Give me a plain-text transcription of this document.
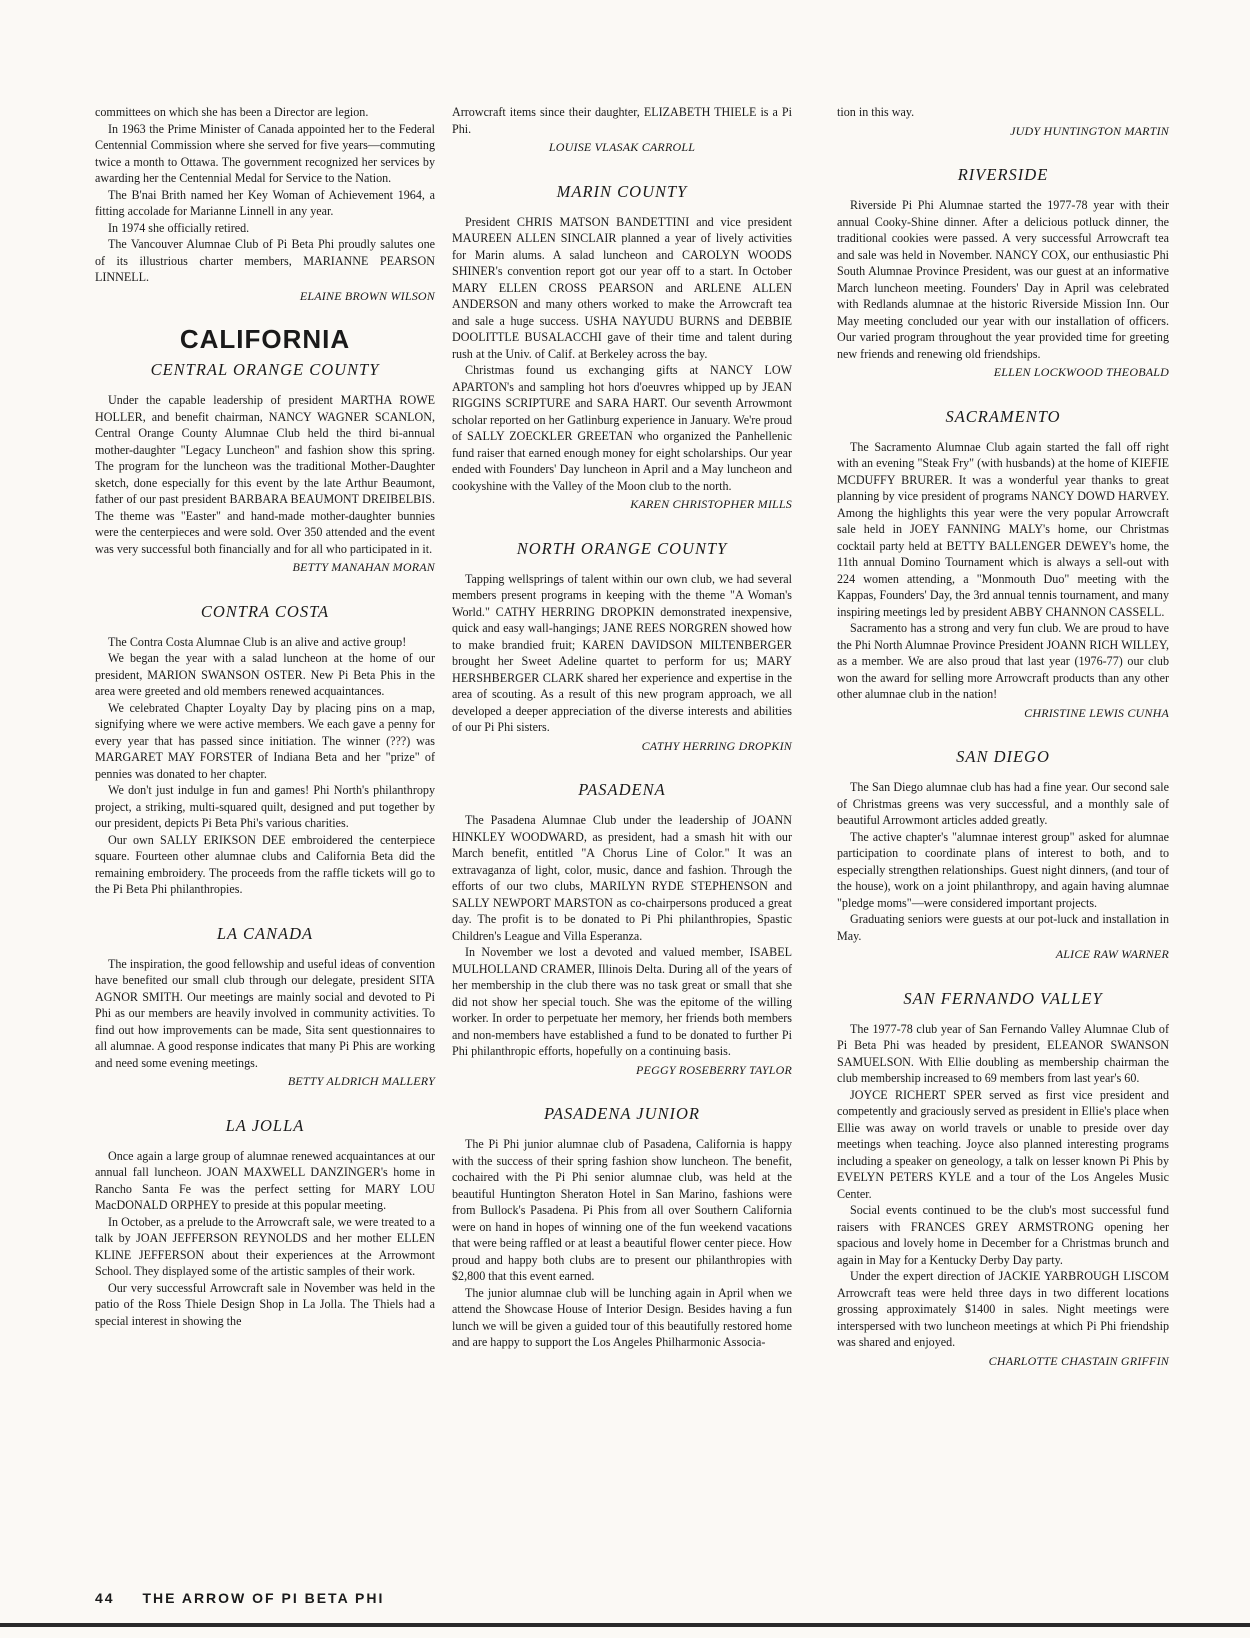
committees on which she has been a Director are legion.

In 1963 the Prime Minister of Canada appointed her to the Federal Centennial Commission where she served for five years—commuting twice a month to Ottawa. The government recognized her services by awarding her the Centennial Medal for Service to the Nation.

The B'nai Brith named her Key Woman of Achievement 1964, a fitting accolade for Marianne Linnell in any year.

In 1974 she officially retired.

The Vancouver Alumnae Club of Pi Beta Phi proudly salutes one of its illustrious charter members, MARIANNE PEARSON LINNELL.

ELAINE BROWN WILSON
CALIFORNIA
CENTRAL ORANGE COUNTY

Under the capable leadership of president MARTHA ROWE HOLLER, and benefit chairman, NANCY WAGNER SCANLON, Central Orange County Alumnae Club held the third bi-annual mother-daughter "Legacy Luncheon" and fashion show this spring. The program for the luncheon was the traditional Mother-Daughter sketch, done especially for this event by the late Arthur Beaumont, father of our past president BARBARA BEAUMONT DREIBELBIS. The theme was "Easter" and hand-made mother-daughter bunnies were the centerpieces and were sold. Over 350 attended and the event was very successful both financially and for all who participated in it.

BETTY MANAHAN MORAN
CONTRA COSTA

The Contra Costa Alumnae Club is an alive and active group!

We began the year with a salad luncheon at the home of our president, MARION SWANSON OSTER. New Pi Beta Phis in the area were greeted and old members renewed acquaintances.

We celebrated Chapter Loyalty Day by placing pins on a map, signifying where we were active members. We each gave a penny for every year that has passed since initiation. The winner (???) was MARGARET MAY FORSTER of Indiana Beta and her "prize" of pennies was donated to her chapter.

We don't just indulge in fun and games! Phi North's philanthropy project, a striking, multi-squared quilt, designed and put together by our president, depicts Pi Beta Phi's various charities.

Our own SALLY ERIKSON DEE embroidered the centerpiece square. Fourteen other alumnae clubs and California Beta did the remaining embroidery. The proceeds from the raffle tickets will go to the Pi Beta Phi philanthropies.

LA CANADA

The inspiration, the good fellowship and useful ideas of convention have benefited our small club through our delegate, president SITA AGNOR SMITH. Our meetings are mainly social and devoted to Pi Phi as our members are heavily involved in community activities. To find out how improvements can be made, Sita sent questionnaires to all alumnae. A good response indicates that many Pi Phis are working and need some evening meetings.

BETTY ALDRICH MALLERY
LA JOLLA

Once again a large group of alumnae renewed acquaintances at our annual fall luncheon. JOAN MAXWELL DANZINGER's home in Rancho Santa Fe was the perfect setting for MARY LOU MacDONALD ORPHEY to preside at this popular meeting.

In October, as a prelude to the Arrowcraft sale, we were treated to a talk by JOAN JEFFERSON REYNOLDS and her mother ELLEN KLINE JEFFERSON about their experiences at the Arrowmont School. They displayed some of the artistic samples of their work.

Our very successful Arrowcraft sale in November was held in the patio of the Ross Thiele Design Shop in La Jolla. The Thiels had a special interest in showing the

Arrowcraft items since their daughter, ELIZABETH THIELE is a Pi Phi.

LOUISE VLASAK CARROLL
MARIN COUNTY

President CHRIS MATSON BANDETTINI and vice president MAUREEN ALLEN SINCLAIR planned a year of lively activities for Marin alums. A salad luncheon and CAROLYN WOODS SHINER's convention report got our year off to a start. In October MARY ELLEN CROSS PEARSON and ARLENE ALLEN ANDERSON and many others worked to make the Arrowcraft tea and sale a huge success. USHA NAYUDU BURNS and DEBBIE DOOLITTLE BUSALACCHI gave of their time and talent during rush at the Univ. of Calif. at Berkeley across the bay.

Christmas found us exchanging gifts at NANCY LOW APARTON's and sampling hot hors d'oeuvres whipped up by JEAN RIGGINS SCRIPTURE and SARA HART. Our seventh Arrowmont scholar reported on her Gatlinburg experience in January. We're proud of SALLY ZOECKLER GREETAN who organized the Panhellenic fund raiser that earned enough money for eight scholarships. Our year ended with Founders' Day luncheon in April and a May luncheon and cookyshine with the Valley of the Moon club to the north.

KAREN CHRISTOPHER MILLS
NORTH ORANGE COUNTY

Tapping wellsprings of talent within our own club, we had several members present programs in keeping with the theme "A Woman's World." CATHY HERRING DROPKIN demonstrated inexpensive, quick and easy wall-hangings; JANE REES NORGREN showed how to make brandied fruit; KAREN DAVIDSON MILTENBERGER brought her Sweet Adeline quartet to perform for us; MARY HERSHBERGER CLARK shared her experience and expertise in the area of scouting. As a result of this new program approach, we all developed a deeper appreciation of the diverse interests and abilities of our Pi Phi sisters.

CATHY HERRING DROPKIN
PASADENA

The Pasadena Alumnae Club under the leadership of JOANN HINKLEY WOODWARD, as president, had a smash hit with our March benefit, entitled "A Chorus Line of Color." It was an extravaganza of light, color, music, dance and fashion. Through the efforts of our two clubs, MARILYN RYDE STEPHENSON and SALLY NEWPORT MARSTON as co-chairpersons produced a great day. The profit is to be donated to Pi Phi philanthropies, Spastic Children's League and Villa Esperanza.

In November we lost a devoted and valued member, ISABEL MULHOLLAND CRAMER, Illinois Delta. During all of the years of her membership in the club there was no task great or small that she did not show her special touch. She was the epitome of the willing worker. In order to perpetuate her memory, her friends both members and non-members have established a fund to be donated to further Pi Phi philanthropic efforts, hopefully on a continuing basis.

PEGGY ROSEBERRY TAYLOR
PASADENA JUNIOR

The Pi Phi junior alumnae club of Pasadena, California is happy with the success of their spring fashion show luncheon. The benefit, cochaired with the Pi Phi senior alumnae club, was held at the beautiful Huntington Sheraton Hotel in San Marino, fashions were from Bullock's Pasadena. Pi Phis from all over Southern California were on hand in hopes of winning one of the fun weekend vacations that were being raffled or at least a beautiful flower center piece. How proud and happy both clubs are to present our philanthropies with $2,800 that this event earned.

The junior alumnae club will be lunching again in April when we attend the Showcase House of Interior Design. Besides having a fun lunch we will be given a guided tour of this beautifully restored home and are happy to support the Los Angeles Philharmonic Associa-

tion in this way.

JUDY HUNTINGTON MARTIN
RIVERSIDE

Riverside Pi Phi Alumnae started the 1977-78 year with their annual Cooky-Shine dinner. After a delicious potluck dinner, the traditional cookies were passed. A very successful Arrowcraft tea and sale was held in November. NANCY COX, our enthusiastic Phi South Alumnae Province President, was our guest at an informative March luncheon meeting. Founders' Day in April was celebrated with Redlands alumnae at the historic Riverside Mission Inn. Our May meeting concluded our year with our installation of officers. Our varied program throughout the year provided time for greeting new friends and renewing old friendships.

ELLEN LOCKWOOD THEOBALD
SACRAMENTO

The Sacramento Alumnae Club again started the fall off right with an evening "Steak Fry" (with husbands) at the home of KIEFIE MCDUFFY BRURER. It was a wonderful year thanks to great planning by vice president of programs NANCY DOWD HARVEY. Among the highlights this year were the very popular Arrowcraft sale held in JOEY FANNING MALY's home, our Christmas cocktail party held at BETTY BALLENGER DEWEY's home, the 11th annual Domino Tournament which is always a sell-out with 224 women attending, a "Monmouth Duo" meeting with the Kappas, Founders' Day, the 3rd annual tennis tournament, and many inspiring meetings led by president ABBY CHANNON CASSELL.

Sacramento has a strong and very fun club. We are proud to have the Phi North Alumnae Province President JOANN RICH WILLEY, as a member. We are also proud that last year (1976-77) our club won the award for selling more Arrowcraft products than any other other alumnae club in the nation!

CHRISTINE LEWIS CUNHA
SAN DIEGO

The San Diego alumnae club has had a fine year. Our second sale of Christmas greens was very successful, and a monthly sale of beautiful Arrowmont articles added greatly.

The active chapter's "alumnae interest group" asked for alumnae participation to coordinate plans of interest to both, and to especially strengthen relationships. Guest night dinners, (and tour of the house), work on a joint philanthropy, and again having alumnae "pledge moms"—were considered important projects.

Graduating seniors were guests at our pot-luck and installation in May.

ALICE RAW WARNER
SAN FERNANDO VALLEY

The 1977-78 club year of San Fernando Valley Alumnae Club of Pi Beta Phi was headed by president, ELEANOR SWANSON SAMUELSON. With Ellie doubling as membership chairman the club membership increased to 69 members from last year's 60.

JOYCE RICHERT SPER served as first vice president and competently and graciously served as president in Ellie's place when Ellie was away on world travels or unable to preside over day meetings when teaching. Joyce also planned interesting programs including a speaker on geneology, a talk on lesser known Pi Phis by EVELYN PETERS KYLE and a tour of the Los Angeles Music Center.

Social events continued to be the club's most successful fund raisers with FRANCES GREY ARMSTRONG opening her spacious and lovely home in December for a Christmas brunch and again in May for a Kentucky Derby Day party.

Under the expert direction of JACKIE YARBROUGH LISCOM Arrowcraft teas were held three days in two different locations grossing approximately $1400 in sales. Night meetings were interspersed with two luncheon meetings at which Pi Phi friendship was shared and enjoyed.

CHARLOTTE CHASTAIN GRIFFIN
44 THE ARROW OF PI BETA PHI
